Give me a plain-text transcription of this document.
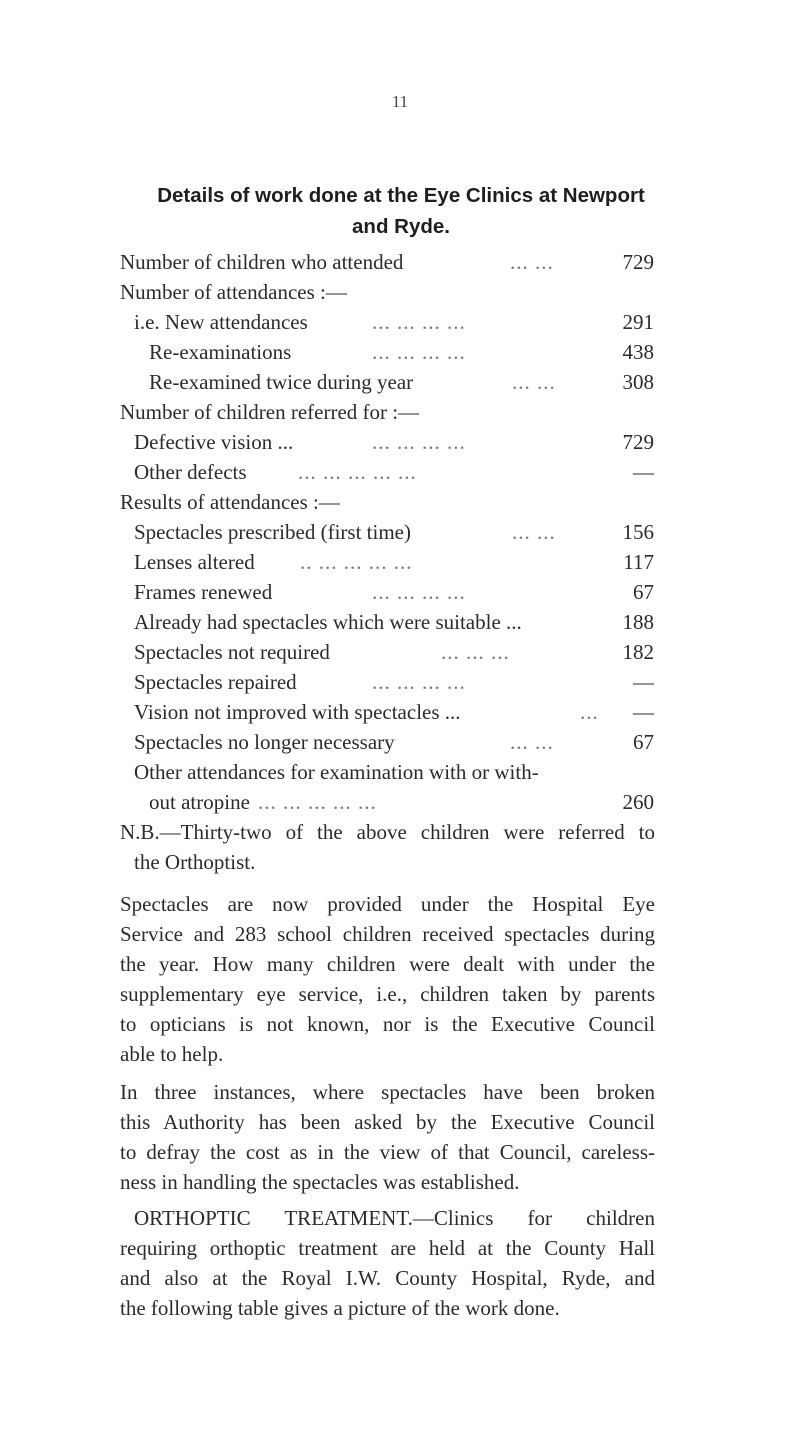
11
Details of work done at the Eye Clinics at Newport
and Ryde.
Number of children who attended	... ...	729
Number of attendances :—
i.e. New attendances	... ... ... ...	291
Re-examinations	... ... ... ...	438
Re-examined twice during year	... ...	308
Number of children referred for :—
Defective vision ...	... ... ... ...	729
Other defects ... ... ... ... ...	—
Results of attendances :—
Spectacles prescribed (first time)	... ...	156
Lenses altered .. ... ... ... ...	117
Frames renewed	... ... ... ...	67
Already had spectacles which were suitable ...	188
Spectacles not required	... ... ...	182
Spectacles repaired	... ... ... ...	—
Vision not improved with spectacles ...	... —
Spectacles no longer necessary	... ...	67
Other attendances for examination with or with-
out atropine ... ... ... ... ...	260
N.B.—Thirty-two of the above children were referred to
the Orthoptist.
Spectacles are now provided under the Hospital Eye
Service and 283 school children received spectacles during
the year. How many children were dealt with under the
supplementary eye service, i.e., children taken by parents
to opticians is not known, nor is the Executive Council
able to help.
In three instances, where spectacles have been broken
this Authority has been asked by the Executive Council
to defray the cost as in the view of that Council, careless-
ness in handling the spectacles was established.
ORTHOPTIC TREATMENT.—Clinics for children
requiring orthoptic treatment are held at the County Hall
and also at the Royal I.W. County Hospital, Ryde, and
the following table gives a picture of the work done.
